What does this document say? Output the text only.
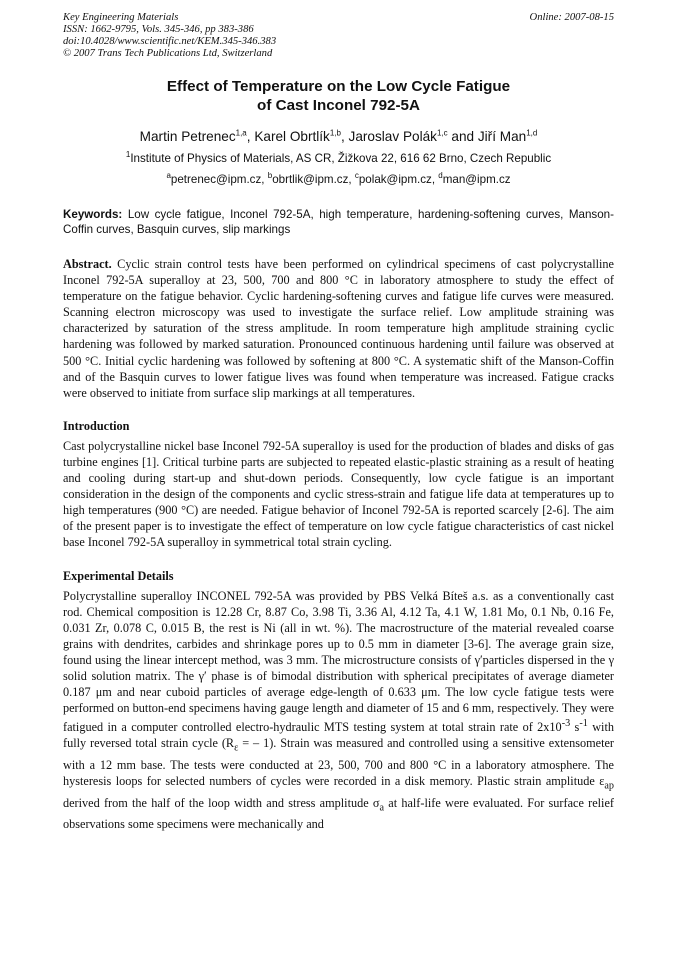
Key Engineering Materials
ISSN: 1662-9795, Vols. 345-346, pp 383-386
doi:10.4028/www.scientific.net/KEM.345-346.383
© 2007 Trans Tech Publications Ltd, Switzerland
Online: 2007-08-15
Effect of Temperature on the Low Cycle Fatigue
of Cast Inconel 792-5A
Martin Petrenec$^{1,a}$, Karel Obrtlík$^{1,b}$, Jaroslav Polák$^{1,c}$ and Jiří Man$^{1,d}$
$^1$Institute of Physics of Materials, AS CR, Žižkova 22, 616 62 Brno, Czech Republic
$^a$petrenec@ipm.cz, $^b$obrtlik@ipm.cz, $^c$polak@ipm.cz, $^d$man@ipm.cz
Keywords: Low cycle fatigue, Inconel 792-5A, high temperature, hardening-softening curves, Manson-Coffin curves, Basquin curves, slip markings

Abstract. Cyclic strain control tests have been performed on cylindrical specimens of cast polycrystalline Inconel 792-5A superalloy at 23, 500, 700 and 800 °C in laboratory atmosphere to study the effect of temperature on the fatigue behavior. Cyclic hardening-softening curves and fatigue life curves were measured. Scanning electron microscopy was used to investigate the surface relief. Low amplitude straining was characterized by saturation of the stress amplitude. In room temperature high amplitude straining cyclic hardening was followed by marked saturation. Pronounced continuous hardening until failure was observed at 500 °C. Initial cyclic hardening was followed by softening at 800 °C. A systematic shift of the Manson-Coffin and of the Basquin curves to lower fatigue lives was found when temperature was increased. Fatigue cracks were observed to initiate from surface slip markings at all temperatures.

Introduction

Cast polycrystalline nickel base Inconel 792-5A superalloy is used for the production of blades and disks of gas turbine engines [1]. Critical turbine parts are subjected to repeated elastic-plastic straining as a result of heating and cooling during start-up and shut-down periods. Consequently, low cycle fatigue is an important consideration in the design of the components and cyclic stress-strain and fatigue life data at temperatures up to high temperatures (900 °C) are needed. Fatigue behavior of Inconel 792-5A is reported scarcely [2-6]. The aim of the present paper is to investigate the effect of temperature on low cycle fatigue characteristics of cast nickel base Inconel 792-5A superalloy in symmetrical total strain cycling.

Experimental Details

Polycrystalline superalloy INCONEL 792-5A was provided by PBS Velká Bíteš a.s. as a conventionally cast rod. Chemical composition is 12.28 Cr, 8.87 Co, 3.98 Ti, 3.36 Al, 4.12 Ta, 4.1 W, 1.81 Mo, 0.1 Nb, 0.16 Fe, 0.031 Zr, 0.078 C, 0.015 B, the rest is Ni (all in wt. %). The macrostructure of the material revealed coarse grains with dendrites, carbides and shrinkage pores up to 0.5 mm in diameter [3-6]. The average grain size, found using the linear intercept method, was 3 mm. The microstructure consists of γ′particles dispersed in the γ solid solution matrix. The γ′ phase is of bimodal distribution with spherical precipitates of average diameter 0.187 μm and near cuboid particles of average edge-length of 0.633 μm. The low cycle fatigue tests were performed on button-end specimens having gauge length and diameter of 15 and 6 mm, respectively. They were fatigued in a computer controlled electro-hydraulic MTS testing system at total strain rate of $2x10^{-3}$ $s^{-1}$ with fully reversed total strain cycle ($R_\varepsilon$ = – 1). Strain was measured and controlled using a sensitive extensometer with a 12 mm base. The tests were conducted at 23, 500, 700 and 800 °C in a laboratory atmosphere. The hysteresis loops for selected numbers of cycles were recorded in a disk memory. Plastic strain amplitude $\varepsilon_{ap}$ derived from the half of the loop width and stress amplitude $\sigma_a$ at half-life were evaluated. For surface relief observations some specimens were mechanically and
